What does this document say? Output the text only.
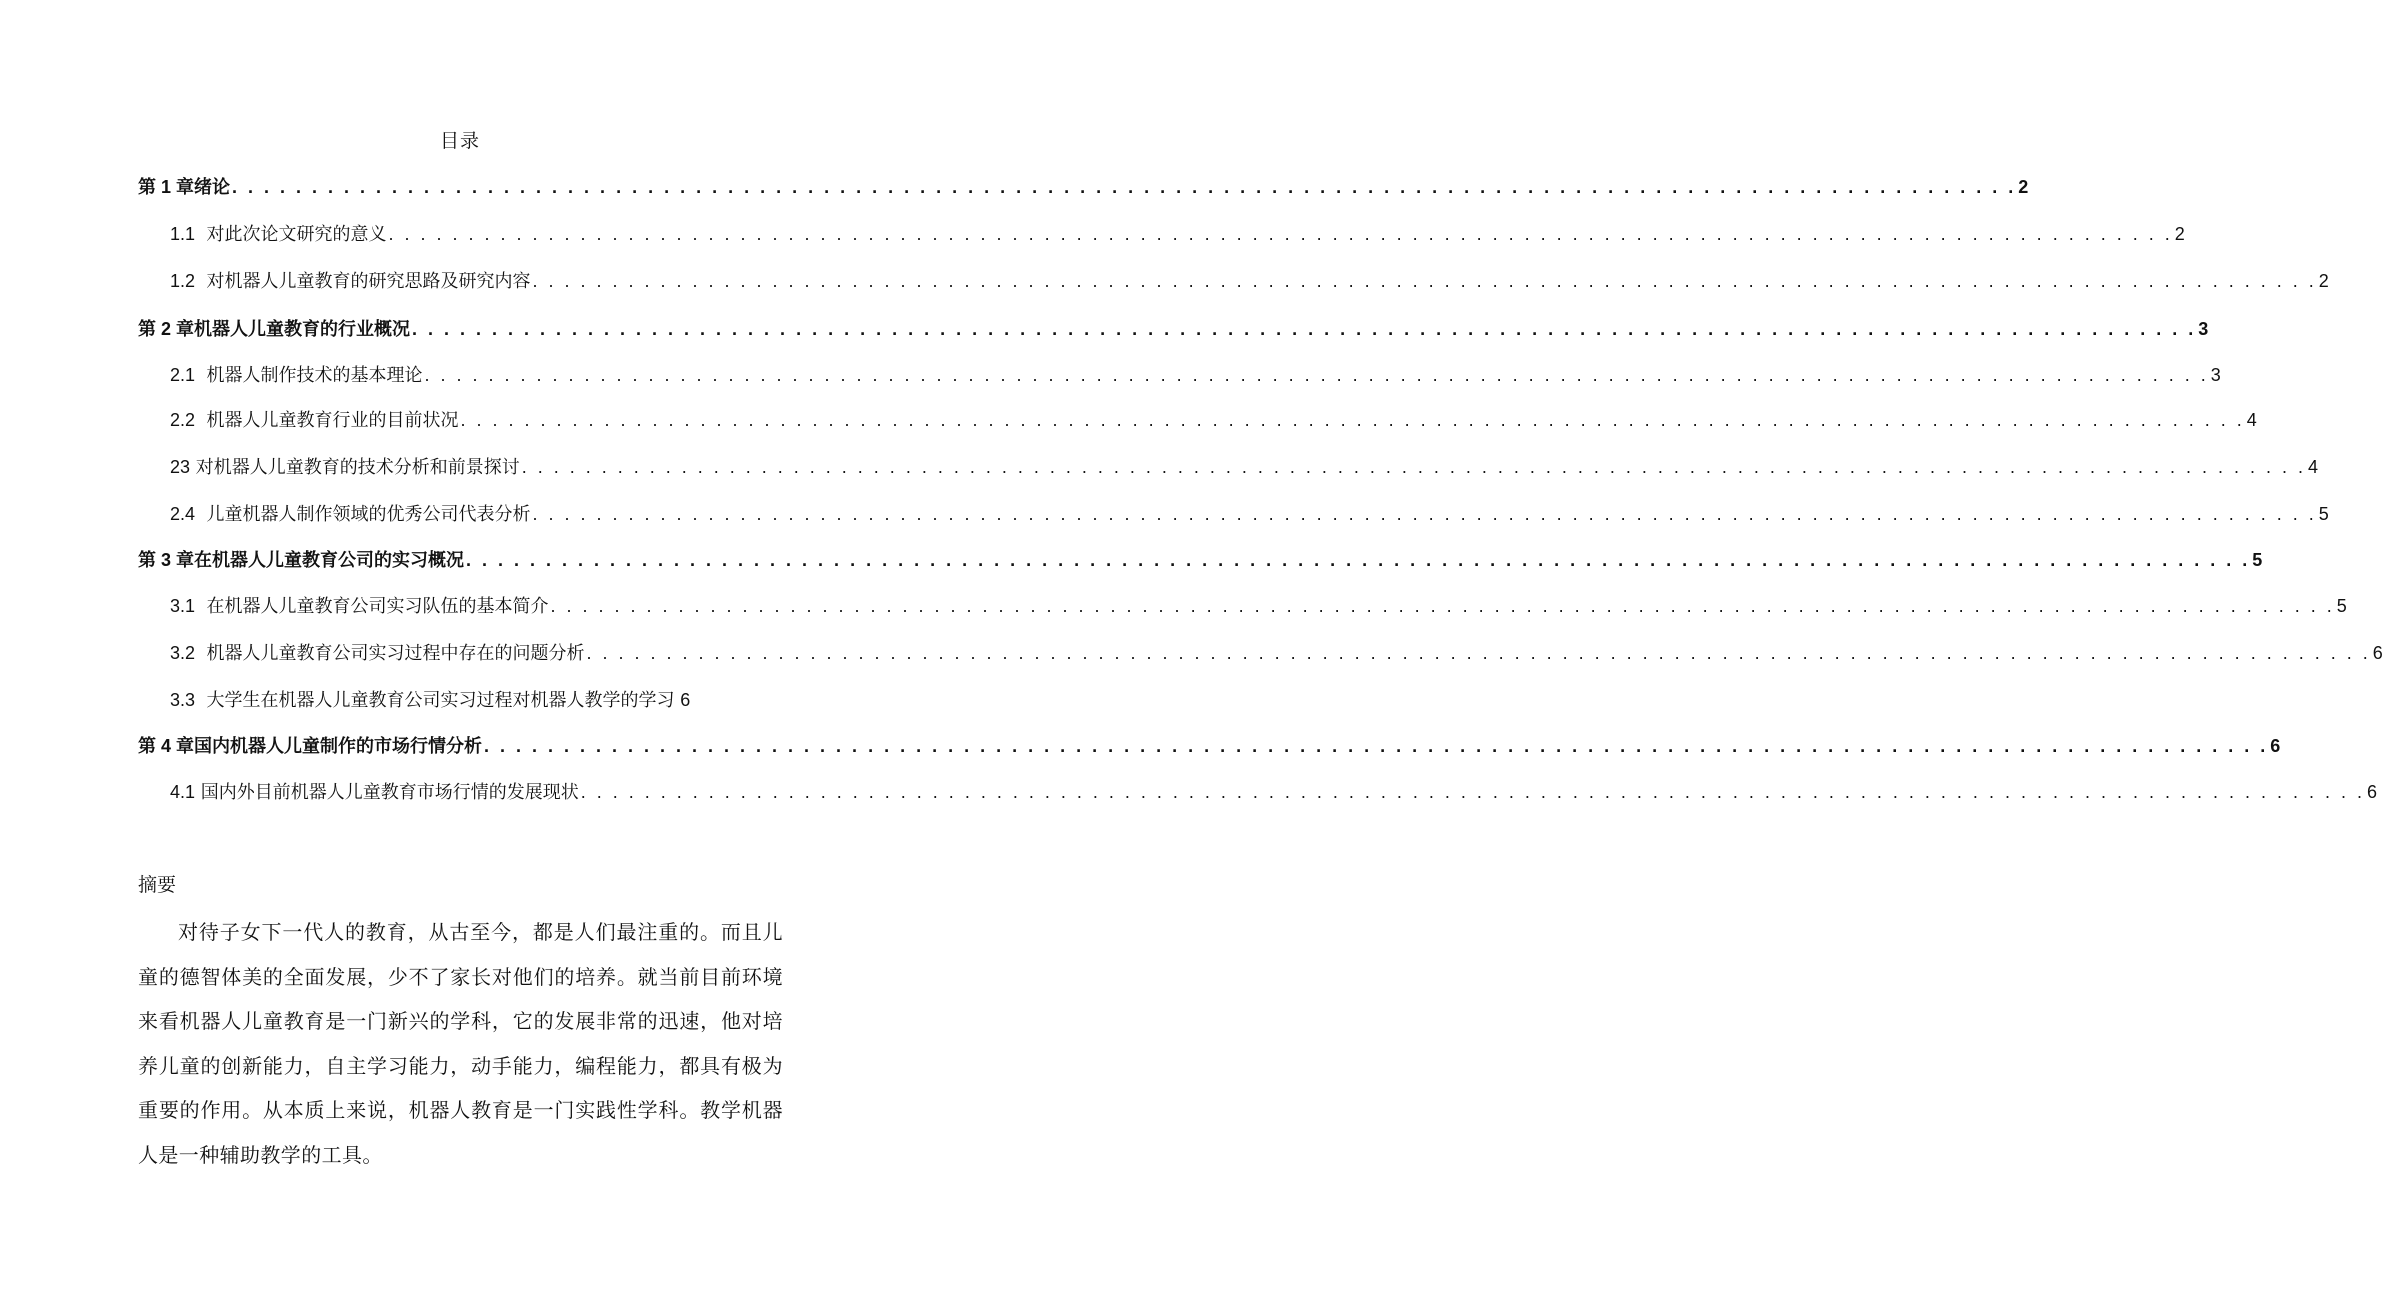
目录
第 1 章绪论 . . .	2
1.1  对此次论文研究的意义 . . .	2
1.2  对机器人儿童教育的研究思路及研究内容 . . .	2
第 2 章机器人儿童教育的行业概况 . . .	3
2.1  机器人制作技术的基本理论 . . .	3
2.2  机器人儿童教育行业的目前状况 . . .	4
23 对机器人儿童教育的技术分析和前景探讨 . . .	4
2.4  儿童机器人制作领域的优秀公司代表分析 . . .	5
第 3 章在机器人儿童教育公司的实习概况 . . .	5
3.1  在机器人儿童教育公司实习队伍的基本简介 . . .	5
3.2  机器人儿童教育公司实习过程中存在的问题分析 . . .	6
3.3  大学生在机器人儿童教育公司实习过程对机器人教学的学习 6
第 4 章国内机器人儿童制作的市场行情分析 . . .	6
4.1 国内外目前机器人儿童教育市场行情的发展现状 . . .	6
摘要
对待子女下一代人的教育，从古至今，都是人们最注重的。而且儿童的德智体美的全面发展，少不了家长对他们的培养。就当前目前环境来看机器人儿童教育是一门新兴的学科，它的发展非常的迅速，他对培养儿童的创新能力，自主学习能力，动手能力，编程能力，都具有极为重要的作用。从本质上来说，机器人教育是一门实践性学科。教学机器人是一种辅助教学的工具。
